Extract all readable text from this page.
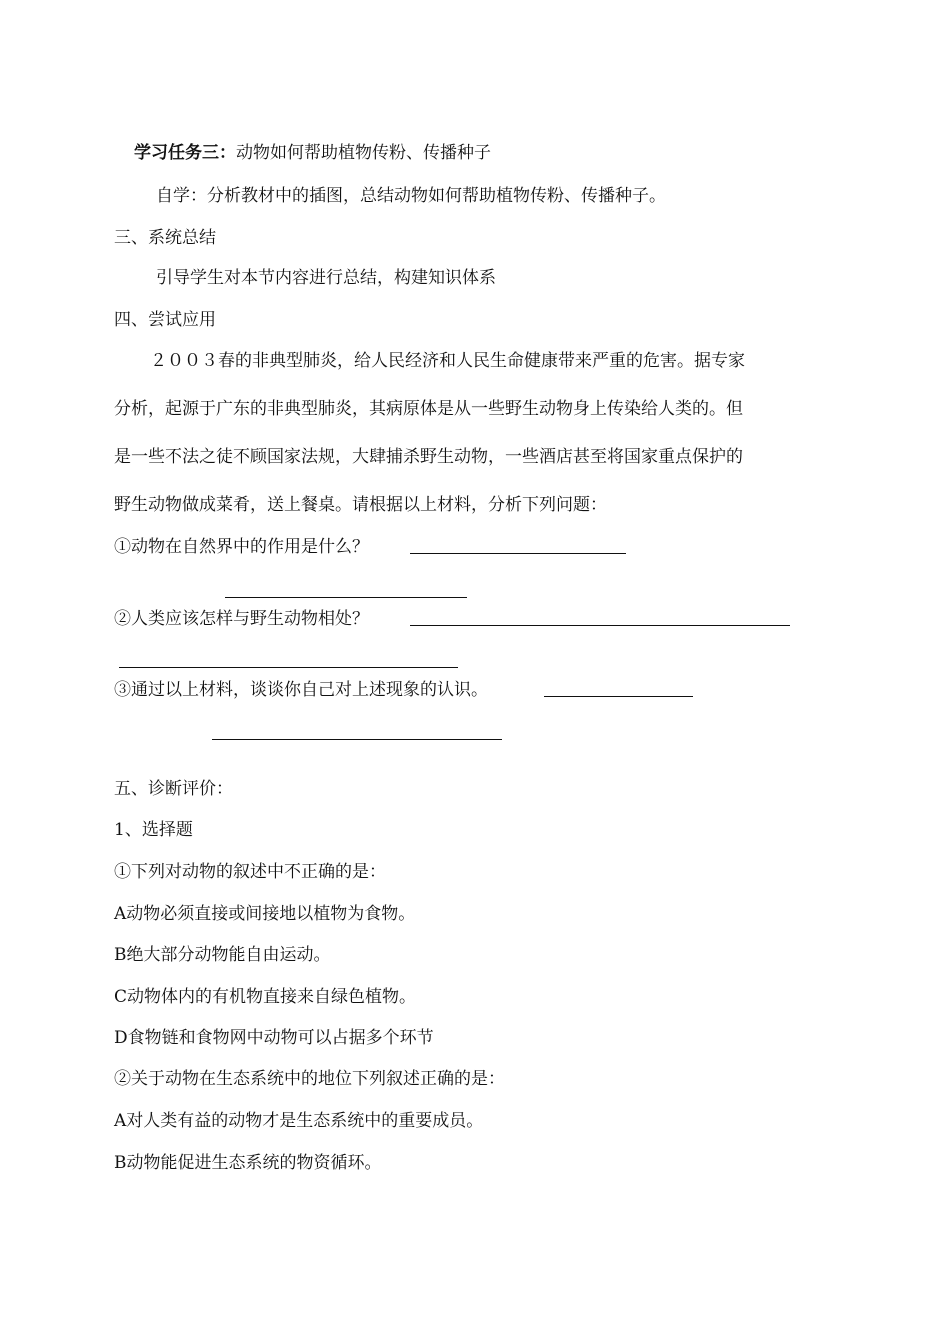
学习任务三：动物如何帮助植物传粉、传播种子
自学：分析教材中的插图，总结动物如何帮助植物传粉、传播种子。
三、系统总结
引导学生对本节内容进行总结，构建知识体系
四、尝试应用
２００３春的非典型肺炎，给人民经济和人民生命健康带来严重的危害。据专家
分析，起源于广东的非典型肺炎，其病原体是从一些野生动物身上传染给人类的。但
是一些不法之徒不顾国家法规，大肆捕杀野生动物，一些酒店甚至将国家重点保护的
野生动物做成菜肴，送上餐桌。请根据以上材料，分析下列问题：
①动物在自然界中的作用是什么？
②人类应该怎样与野生动物相处？
③通过以上材料，谈谈你自己对上述现象的认识。
五、诊断评价：
1、选择题
①下列对动物的叙述中不正确的是：
A动物必须直接或间接地以植物为食物。
B绝大部分动物能自由运动。
C动物体内的有机物直接来自绿色植物。
D食物链和食物网中动物可以占据多个环节
②关于动物在生态系统中的地位下列叙述正确的是：
A对人类有益的动物才是生态系统中的重要成员。
B动物能促进生态系统的物资循环。
